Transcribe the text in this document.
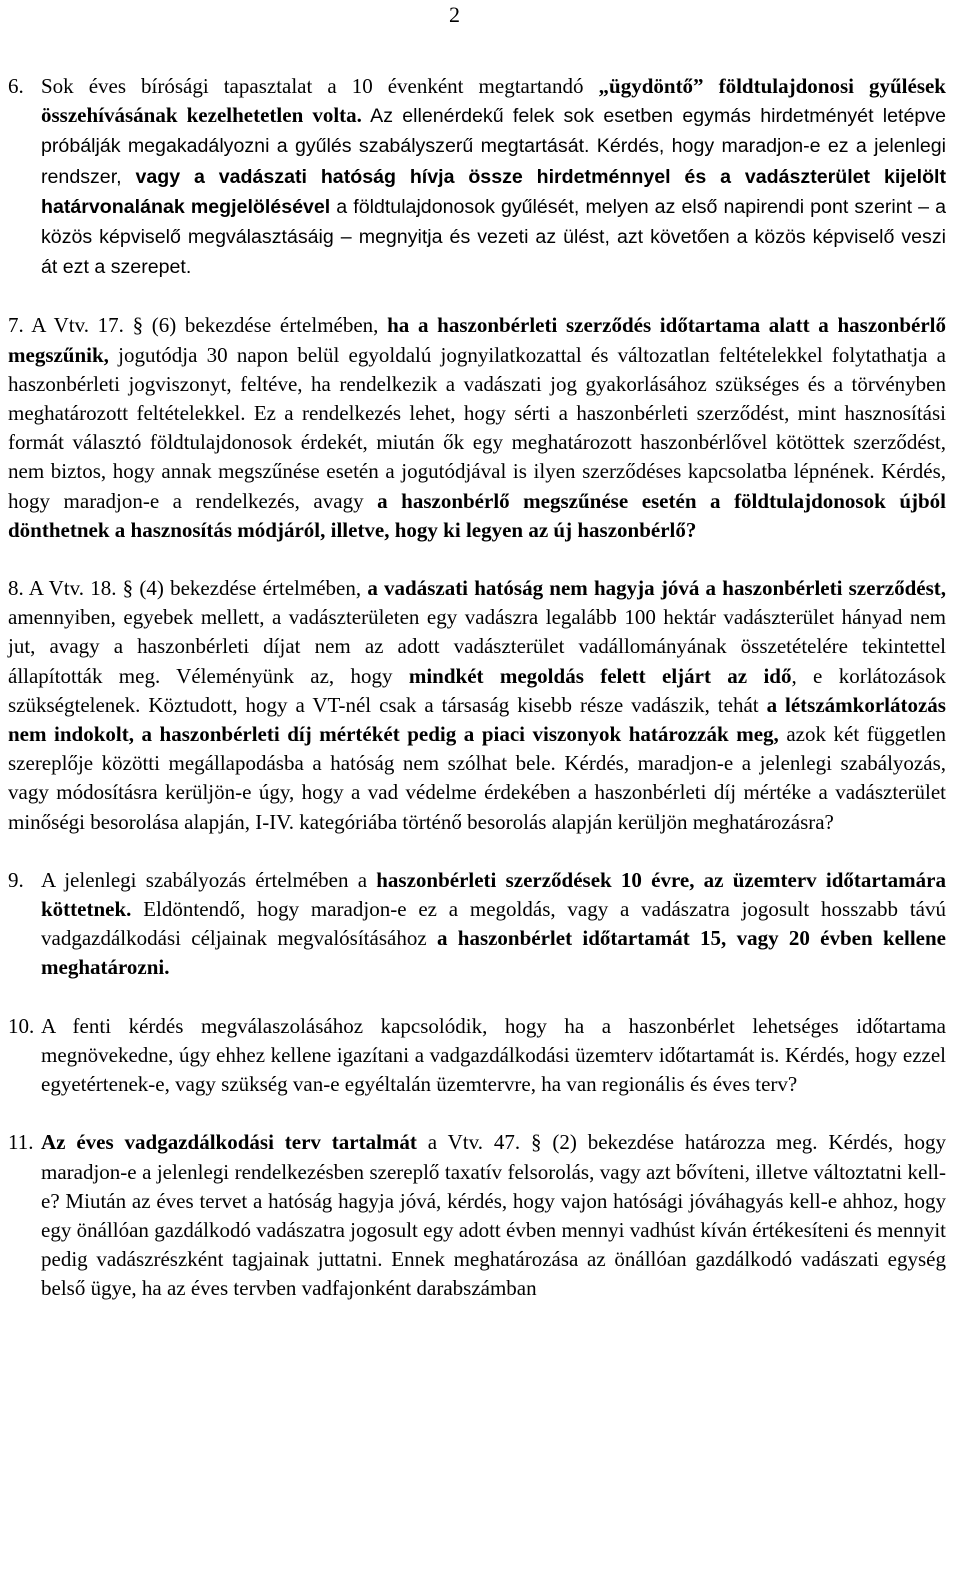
2

6. Sok éves bírósági tapasztalat a 10 évenként megtartandó „ügydöntő” földtulajdonosi gyűlések összehívásának kezelhetetlen volta. Az ellenérdekű felek sok esetben egymás hirdetményét letépve próbálják megakadályozni a gyűlés szabályszerű megtartását. Kérdés, hogy maradjon-e ez a jelenlegi rendszer, vagy a vadászati hatóság hívja össze hirdetménnyel és a vadászterület kijelölt határvonalának megjelölésével a földtulajdonosok gyűlését, melyen az első napirendi pont szerint – a közös képviselő megválasztásáig – megnyitja és vezeti az ülést, azt követően a közös képviselő veszi át ezt a szerepet.

7. A Vtv. 17. § (6) bekezdése értelmében, ha a haszonbérleti szerződés időtartama alatt a haszonbérlő megszűnik, jogutódja 30 napon belül egyoldalú jognyilatkozattal és változatlan feltételekkel folytathatja a haszonbérleti jogviszonyt, feltéve, ha rendelkezik a vadászati jog gyakorlásához szükséges és a törvényben meghatározott feltételekkel. Ez a rendelkezés lehet, hogy sérti a haszonbérleti szerződést, mint hasznosítási formát választó földtulajdonosok érdekét, miután ők egy meghatározott haszonbérlővel kötöttek szerződést, nem biztos, hogy annak megszűnése esetén a jogutódjával is ilyen szerződéses kapcsolatba lépnének. Kérdés, hogy maradjon-e a rendelkezés, avagy a haszonbérlő megszűnése esetén a földtulajdonosok újból dönthetnek a hasznosítás módjáról, illetve, hogy ki legyen az új haszonbérlő?

8. A Vtv. 18. § (4) bekezdése értelmében, a vadászati hatóság nem hagyja jóvá a haszonbérleti szerződést, amennyiben, egyebek mellett, a vadászterületen egy vadászra legalább 100 hektár vadászterület hányad nem jut, avagy a haszonbérleti díjat nem az adott vadászterület vadállományának összetételére tekintettel állapították meg. Véleményünk az, hogy mindkét megoldás felett eljárt az idő, e korlátozások szükségtelenek. Köztudott, hogy a VT-nél csak a társaság kisebb része vadászik, tehát a létszámkorlátozás nem indokolt, a haszonbérleti díj mértékét pedig a piaci viszonyok határozzák meg, azok két független szereplője közötti megállapodásba a hatóság nem szólhat bele. Kérdés, maradjon-e a jelenlegi szabályozás, vagy módosításra kerüljön-e úgy, hogy a vad védelme érdekében a haszonbérleti díj mértéke a vadászterület minőségi besorolása alapján, I-IV. kategóriába történő besorolás alapján kerüljön meghatározásra?

9. A jelenlegi szabályozás értelmében a haszonbérleti szerződések 10 évre, az üzemterv időtartamára köttetnek. Eldöntendő, hogy maradjon-e ez a megoldás, vagy a vadászatra jogosult hosszabb távú vadgazdálkodási céljainak megvalósításához a haszonbérlet időtartamát 15, vagy 20 évben kellene meghatározni.

10. A fenti kérdés megválaszolásához kapcsolódik, hogy ha a haszonbérlet lehetséges időtartama megnövekedne, úgy ehhez kellene igazítani a vadgazdálkodási üzemterv időtartamát is. Kérdés, hogy ezzel egyetértenek-e, vagy szükség van-e egyéltalán üzemtervre, ha van regionális és éves terv?

11. Az éves vadgazdálkodási terv tartalmát a Vtv. 47. § (2) bekezdése határozza meg. Kérdés, hogy maradjon-e a jelenlegi rendelkezésben szereplő taxatív felsorolás, vagy azt bővíteni, illetve változtatni kell-e? Miután az éves tervet a hatóság hagyja jóvá, kérdés, hogy vajon hatósági jóváhagyás kell-e ahhoz, hogy egy önállóan gazdálkodó vadászatra jogosult egy adott évben mennyi vadhúst kíván értékesíteni és mennyit pedig vadászrészként tagjainak juttatni. Ennek meghatározása az önállóan gazdálkodó vadászati egység belső ügye, ha az éves tervben vadfajonként darabszámban
